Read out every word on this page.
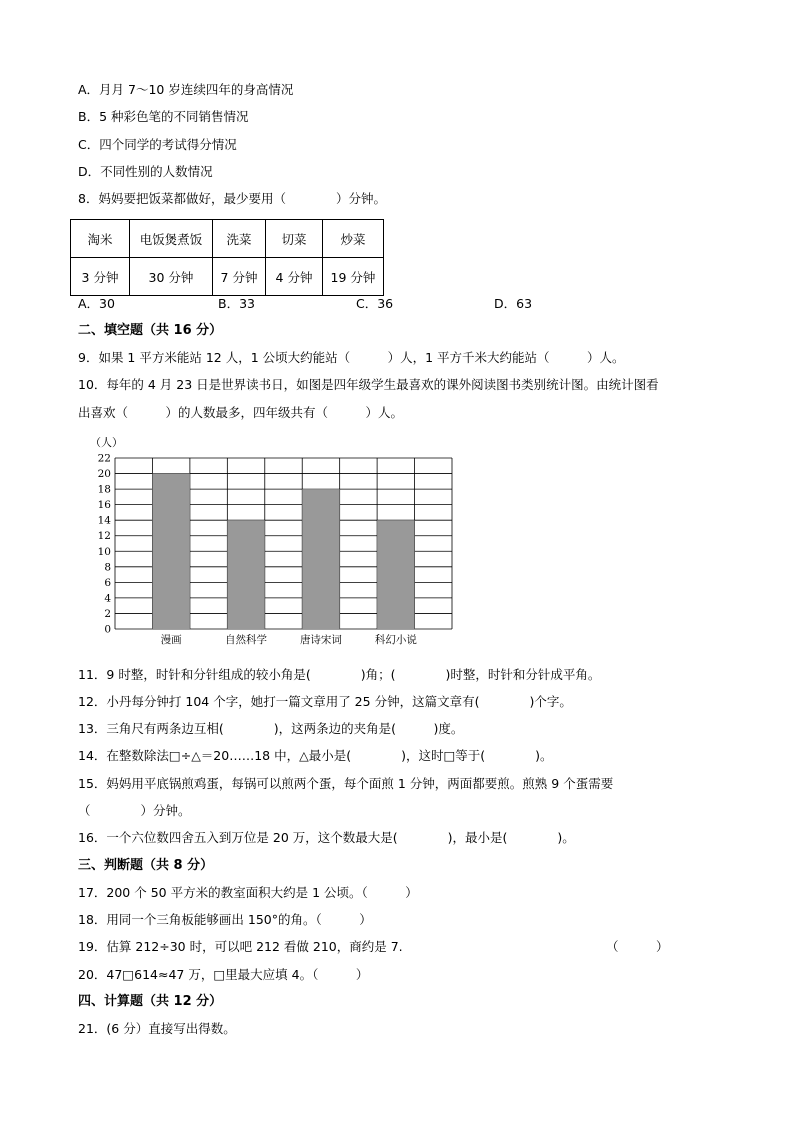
A．月月 7～10 岁连续四年的身高情况
B．5 种彩色笔的不同销售情况
C．四个同学的考试得分情况
D．不同性别的人数情况
8．妈妈要把饭菜都做好，最少要用（　　　　）分钟。
淘米	电饭煲煮饭	洗菜	切菜	炒菜
3 分钟	30 分钟	7 分钟	4 分钟	19 分钟
A．30	B．33	C．36	D．63
二、填空题（共 16 分）
9．如果 1 平方米能站 12 人，1 公顷大约能站（　　　）人，1 平方千米大约能站（　　　）人。
10．每年的 4 月 23 日是世界读书日，如图是四年级学生最喜欢的课外阅读图书类别统计图。由统计图看
出喜欢（　　　）的人数最多，四年级共有（　　　）人。
（人）
0
2
4
6
8
10
12
14
16
18
20
22
漫画	自然科学	唐诗宋词	科幻小说
11．9 时整，时针和分针组成的较小角是(　　　　)角；(　　　　)时整，时针和分针成平角。
12．小丹每分钟打 104 个字，她打一篇文章用了 25 分钟，这篇文章有(　　　　)个字。
13．三角尺有两条边互相(　　　　)，这两条边的夹角是(　　　)度。
14．在整数除法□÷△＝20……18 中，△最小是(　　　　)，这时□等于(　　　　)。
15．妈妈用平底锅煎鸡蛋，每锅可以煎两个蛋，每个面煎 1 分钟，两面都要煎。煎熟 9 个蛋需要
（　　　　）分钟。
16．一个六位数四舍五入到万位是 20 万，这个数最大是(　　　　)，最小是(　　　　)。
三、判断题（共 8 分）
17．200 个 50 平方米的教室面积大约是 1 公顷。（　　　）
18．用同一个三角板能够画出 150°的角。（　　　）
19．估算 212÷30 时，可以吧 212 看做 210，商约是 7.	（　　　）
20．47□614≈47 万，□里最大应填 4。（　　　）
四、计算题（共 12 分）
21．(6 分）直接写出得数。
